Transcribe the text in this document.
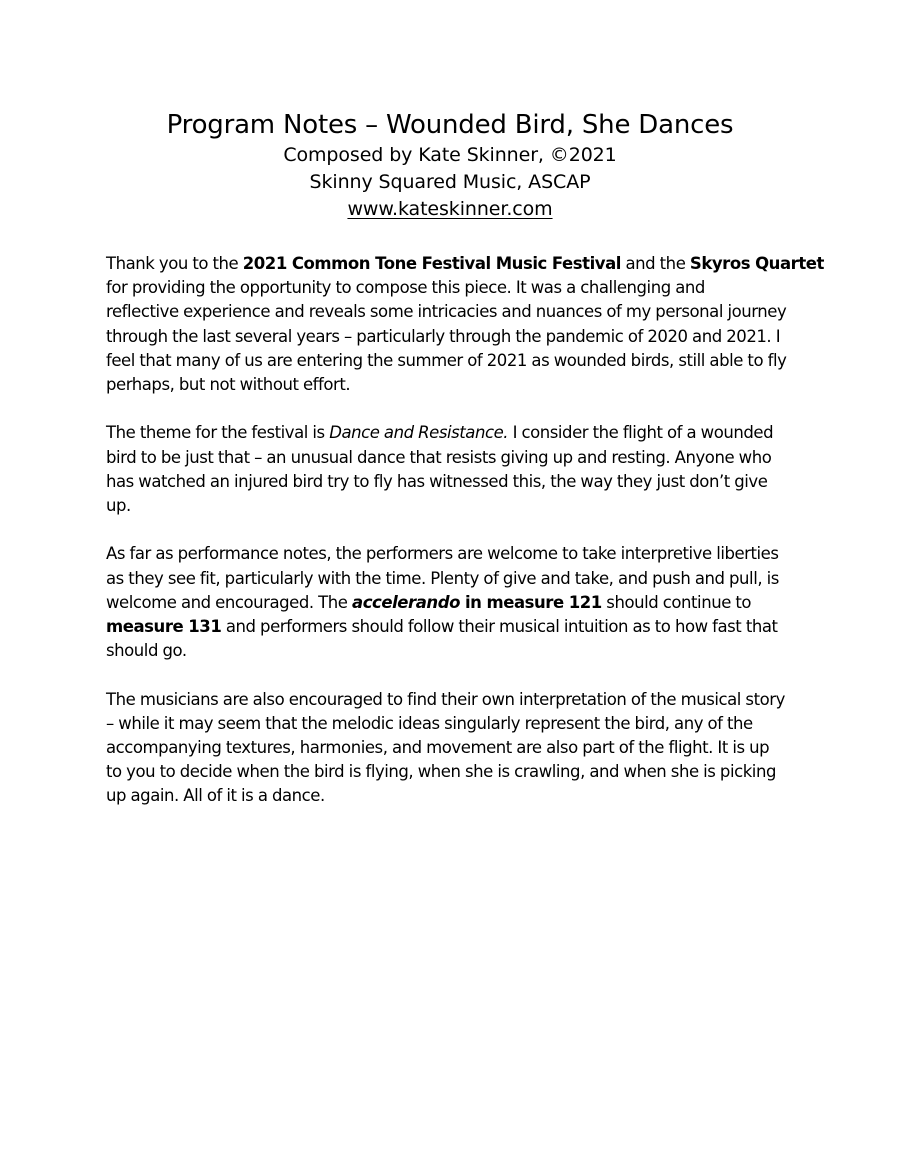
Program Notes – Wounded Bird, She Dances

Composed by Kate Skinner, ©2021

Skinny Squared Music, ASCAP

www.kateskinner.com

Thank you to the 2021 Common Tone Festival Music Festival and the Skyros Quartet
for providing the opportunity to compose this piece. It was a challenging and
reflective experience and reveals some intricacies and nuances of my personal journey
through the last several years – particularly through the pandemic of 2020 and 2021. I
feel that many of us are entering the summer of 2021 as wounded birds, still able to fly
perhaps, but not without effort.

The theme for the festival is Dance and Resistance. I consider the flight of a wounded
bird to be just that – an unusual dance that resists giving up and resting. Anyone who
has watched an injured bird try to fly has witnessed this, the way they just don’t give
up.

As far as performance notes, the performers are welcome to take interpretive liberties
as they see fit, particularly with the time. Plenty of give and take, and push and pull, is
welcome and encouraged. The accelerando in measure 121 should continue to
measure 131 and performers should follow their musical intuition as to how fast that
should go.

The musicians are also encouraged to find their own interpretation of the musical story
– while it may seem that the melodic ideas singularly represent the bird, any of the
accompanying textures, harmonies, and movement are also part of the flight. It is up
to you to decide when the bird is flying, when she is crawling, and when she is picking
up again. All of it is a dance.
